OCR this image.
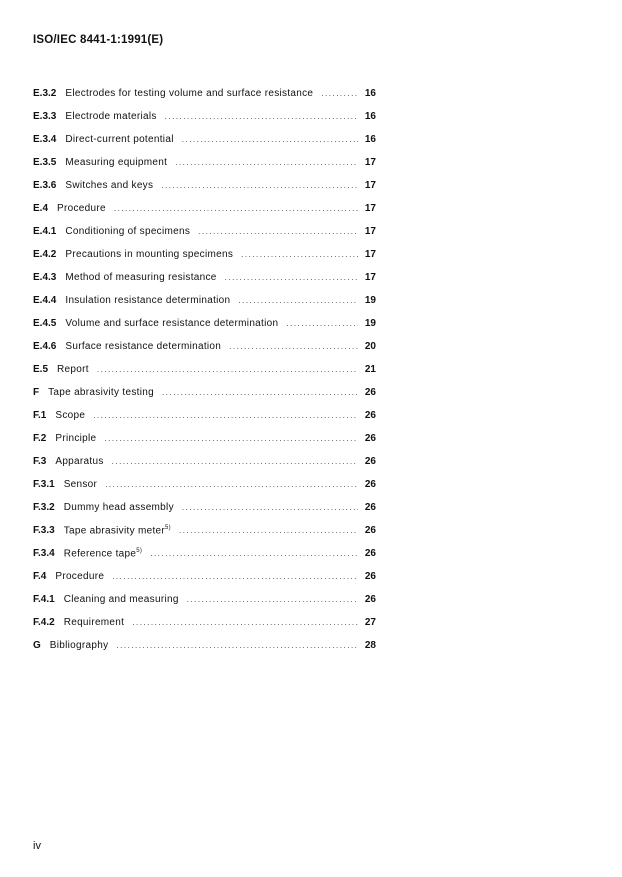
ISO/IEC 8441-1:1991(E)
E.3.2 Electrodes for testing volume and surface resistance .....	16
E.3.3 Electrode materials .....	16
E.3.4 Direct-current potential .....	16
E.3.5 Measuring equipment .....	17
E.3.6 Switches and keys .....	17
E.4 Procedure .....	17
E.4.1 Conditioning of specimens .....	17
E.4.2 Precautions in mounting specimens .....	17
E.4.3 Method of measuring resistance .....	17
E.4.4 Insulation resistance determination .....	19
E.4.5 Volume and surface resistance determination .....	19
E.4.6 Surface resistance determination .....	20
E.5 Report .....	21
F Tape abrasivity testing .....	26
F.1 Scope .....	26
F.2 Principle .....	26
F.3 Apparatus .....	26
F.3.1 Sensor .....	26
F.3.2 Dummy head assembly .....	26
F.3.3 Tape abrasivity meter$^{5)}$ .....	26
F.3.4 Reference tape$^{5)}$ .....	26
F.4 Procedure .....	26
F.4.1 Cleaning and measuring .....	26
F.4.2 Requirement .....	27
G Bibliography .....	28
iv
